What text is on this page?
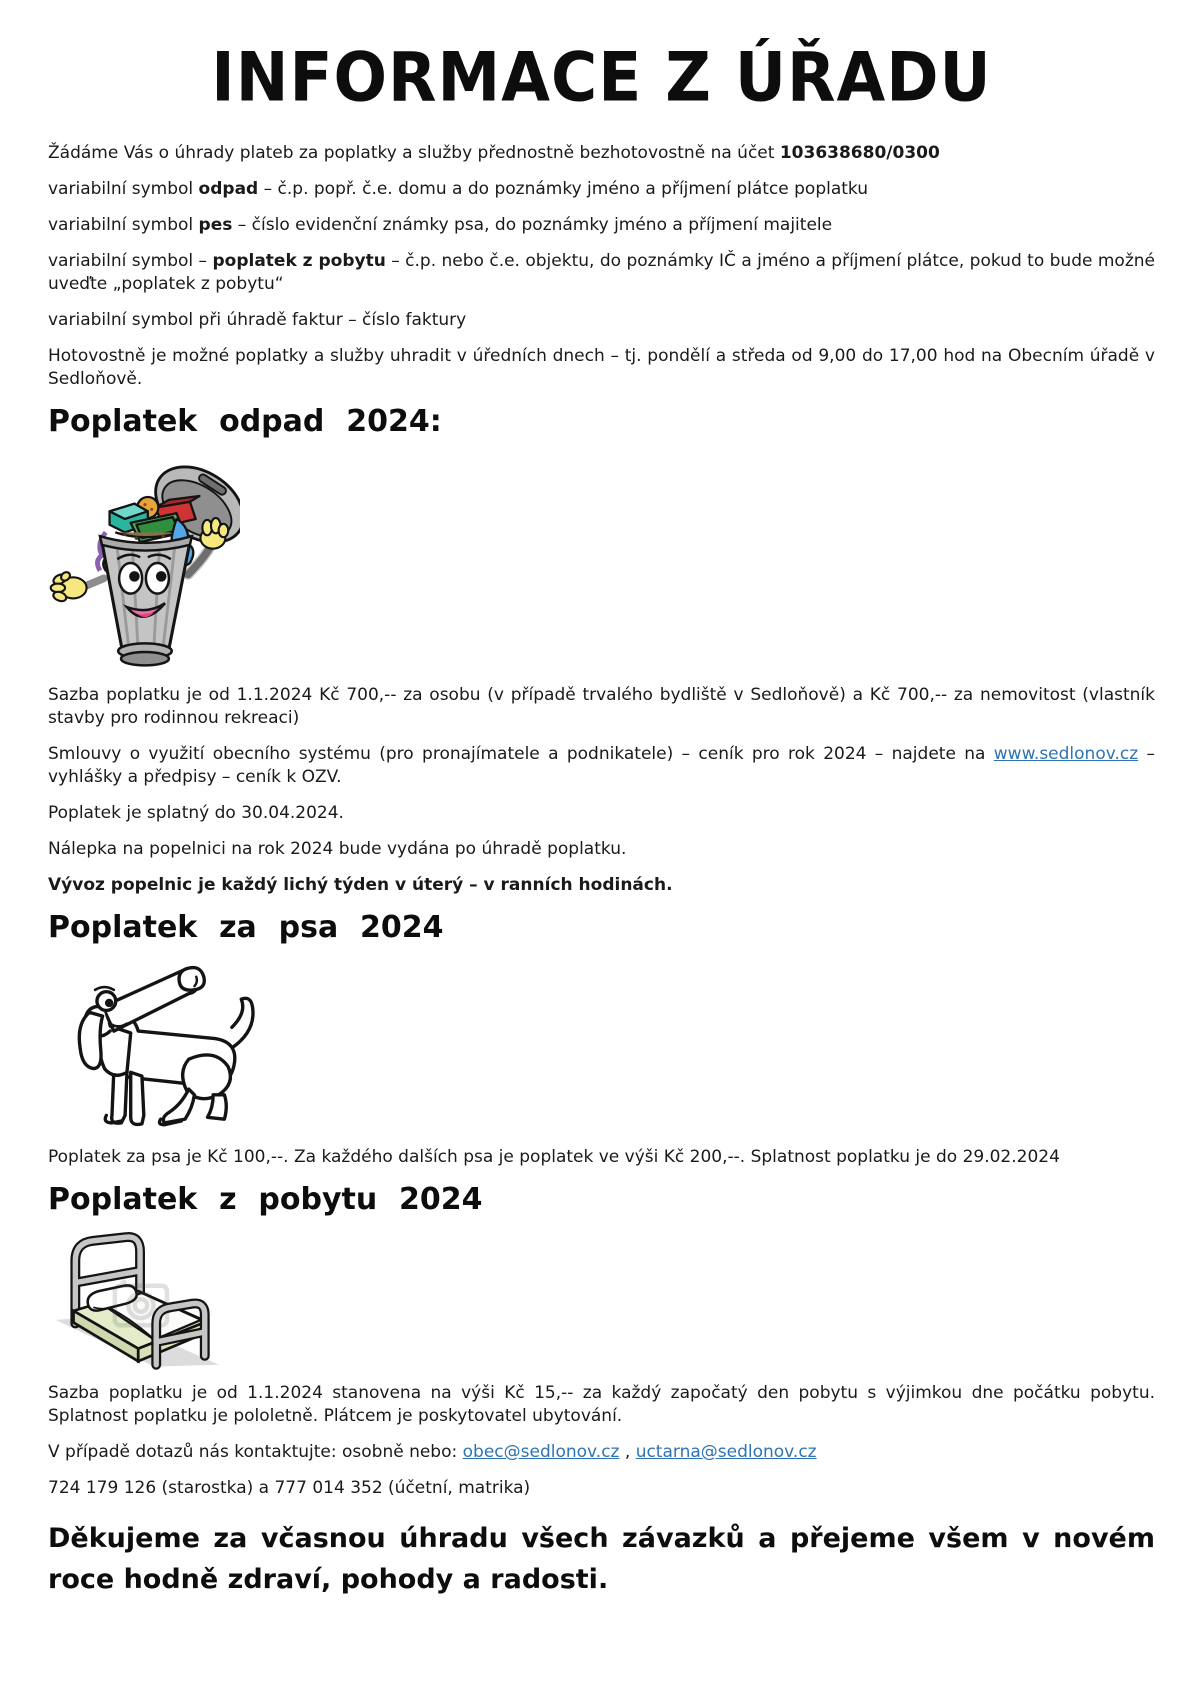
INFORMACE Z ÚŘADU

Žádáme Vás o úhrady plateb za poplatky a služby přednostně bezhotovostně na účet 103638680/0300

variabilní symbol odpad – č.p. popř. č.e. domu a do poznámky jméno a příjmení plátce poplatku

variabilní symbol pes – číslo evidenční známky psa, do poznámky jméno a příjmení majitele

variabilní symbol – poplatek z pobytu – č.p. nebo č.e. objektu, do poznámky IČ a jméno a příjmení plátce, pokud to bude možné uveďte „poplatek z pobytu“

variabilní symbol při úhradě faktur – číslo faktury

Hotovostně je možné poplatky a služby uhradit v úředních dnech – tj. pondělí a středa od 9,00 do 17,00 hod na Obecním úřadě v Sedloňově.

Poplatek odpad 2024:

Sazba poplatku je od 1.1.2024 Kč 700,-- za osobu (v případě trvalého bydliště v Sedloňově) a Kč 700,-- za nemovitost (vlastník stavby pro rodinnou rekreaci)

Smlouvy o využití obecního systému (pro pronajímatele a podnikatele) – ceník pro rok 2024 – najdete na www.sedlonov.cz – vyhlášky a předpisy – ceník k OZV.

Poplatek je splatný do 30.04.2024.

Nálepka na popelnici na rok 2024 bude vydána po úhradě poplatku.

Vývoz popelnic je každý lichý týden v úterý – v ranních hodinách.

Poplatek za psa 2024

Poplatek za psa je Kč 100,--. Za každého dalších psa je poplatek ve výši Kč 200,--. Splatnost poplatku je do 29.02.2024

Poplatek z pobytu 2024

Sazba poplatku je od 1.1.2024 stanovena na výši Kč 15,-- za každý započatý den pobytu s výjimkou dne počátku pobytu. Splatnost poplatku je pololetně. Plátcem je poskytovatel ubytování.

V případě dotazů nás kontaktujte: osobně nebo: obec@sedlonov.cz , uctarna@sedlonov.cz

724 179 126 (starostka) a 777 014 352 (účetní, matrika)

Děkujeme za včasnou úhradu všech závazků a přejeme všem v novém roce hodně zdraví, pohody a radosti.
